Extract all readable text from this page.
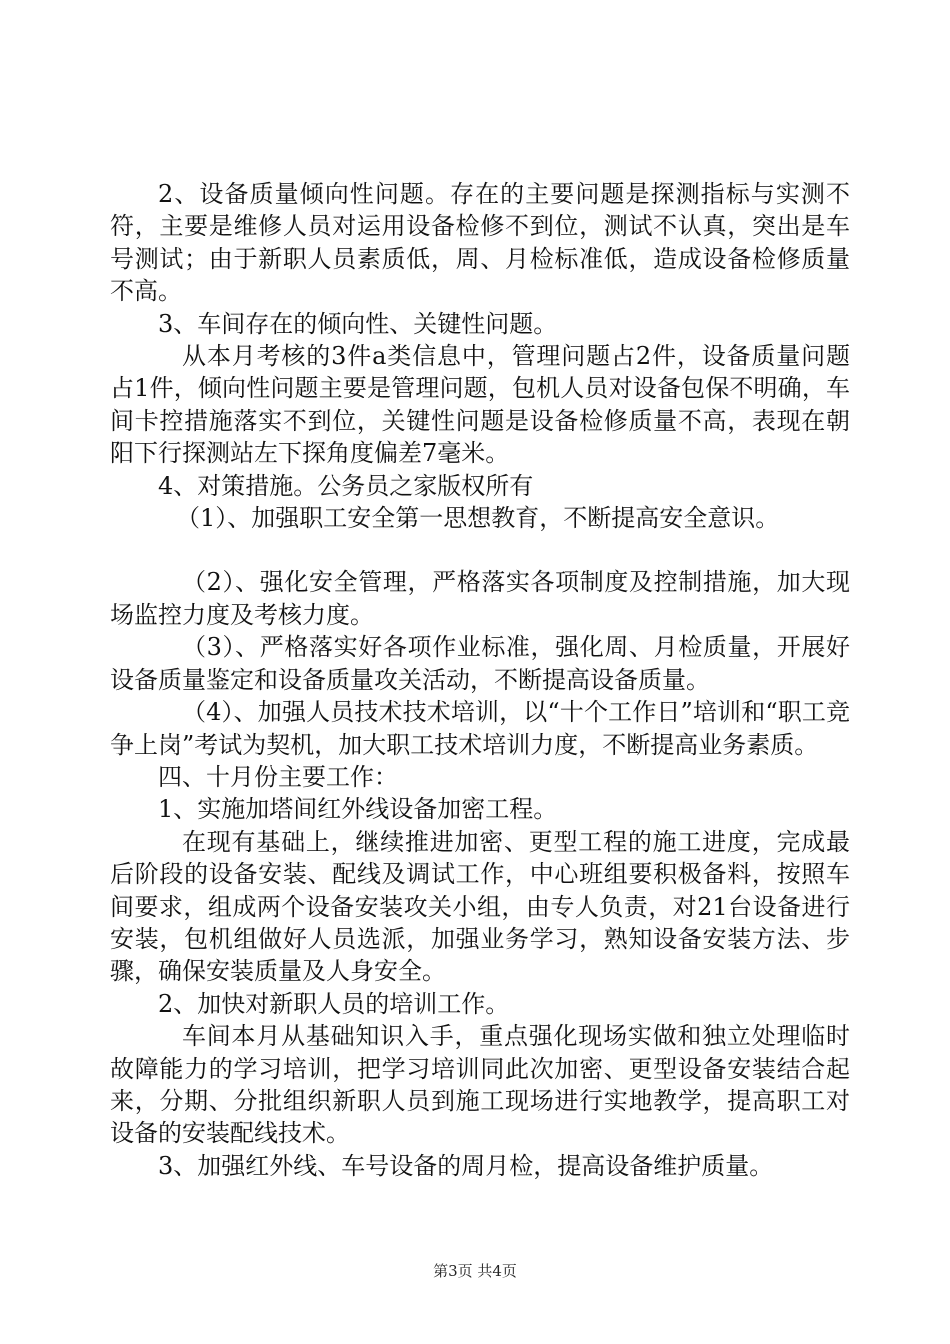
2、设备质量倾向性问题。存在的主要问题是探测指标与实测不符，主要是维修人员对运用设备检修不到位，测试不认真，突出是车号测试；由于新职人员素质低，周、月检标准低，造成设备检修质量不高。

3、车间存在的倾向性、关键性问题。

从本月考核的3件a类信息中，管理问题占2件，设备质量问题占1件，倾向性问题主要是管理问题，包机人员对设备包保不明确，车间卡控措施落实不到位，关键性问题是设备检修质量不高，表现在朝阳下行探测站左下探角度偏差7毫米。

4、对策措施。公务员之家版权所有

（1）、加强职工安全第一思想教育，不断提高安全意识。

（2）、强化安全管理，严格落实各项制度及控制措施，加大现场监控力度及考核力度。

（3）、严格落实好各项作业标准，强化周、月检质量，开展好设备质量鉴定和设备质量攻关活动，不断提高设备质量。

（4）、加强人员技术技术培训，以“十个工作日”培训和“职工竞争上岗”考试为契机，加大职工技术培训力度，不断提高业务素质。

四、十月份主要工作：

1、实施加塔间红外线设备加密工程。

在现有基础上，继续推进加密、更型工程的施工进度，完成最后阶段的设备安装、配线及调试工作，中心班组要积极备料，按照车间要求，组成两个设备安装攻关小组，由专人负责，对21台设备进行安装，包机组做好人员选派，加强业务学习，熟知设备安装方法、步骤，确保安装质量及人身安全。

2、加快对新职人员的培训工作。

车间本月从基础知识入手，重点强化现场实做和独立处理临时故障能力的学习培训，把学习培训同此次加密、更型设备安装结合起来，分期、分批组织新职人员到施工现场进行实地教学，提高职工对设备的安装配线技术。

3、加强红外线、车号设备的周月检，提高设备维护质量。

第3页 共4页
